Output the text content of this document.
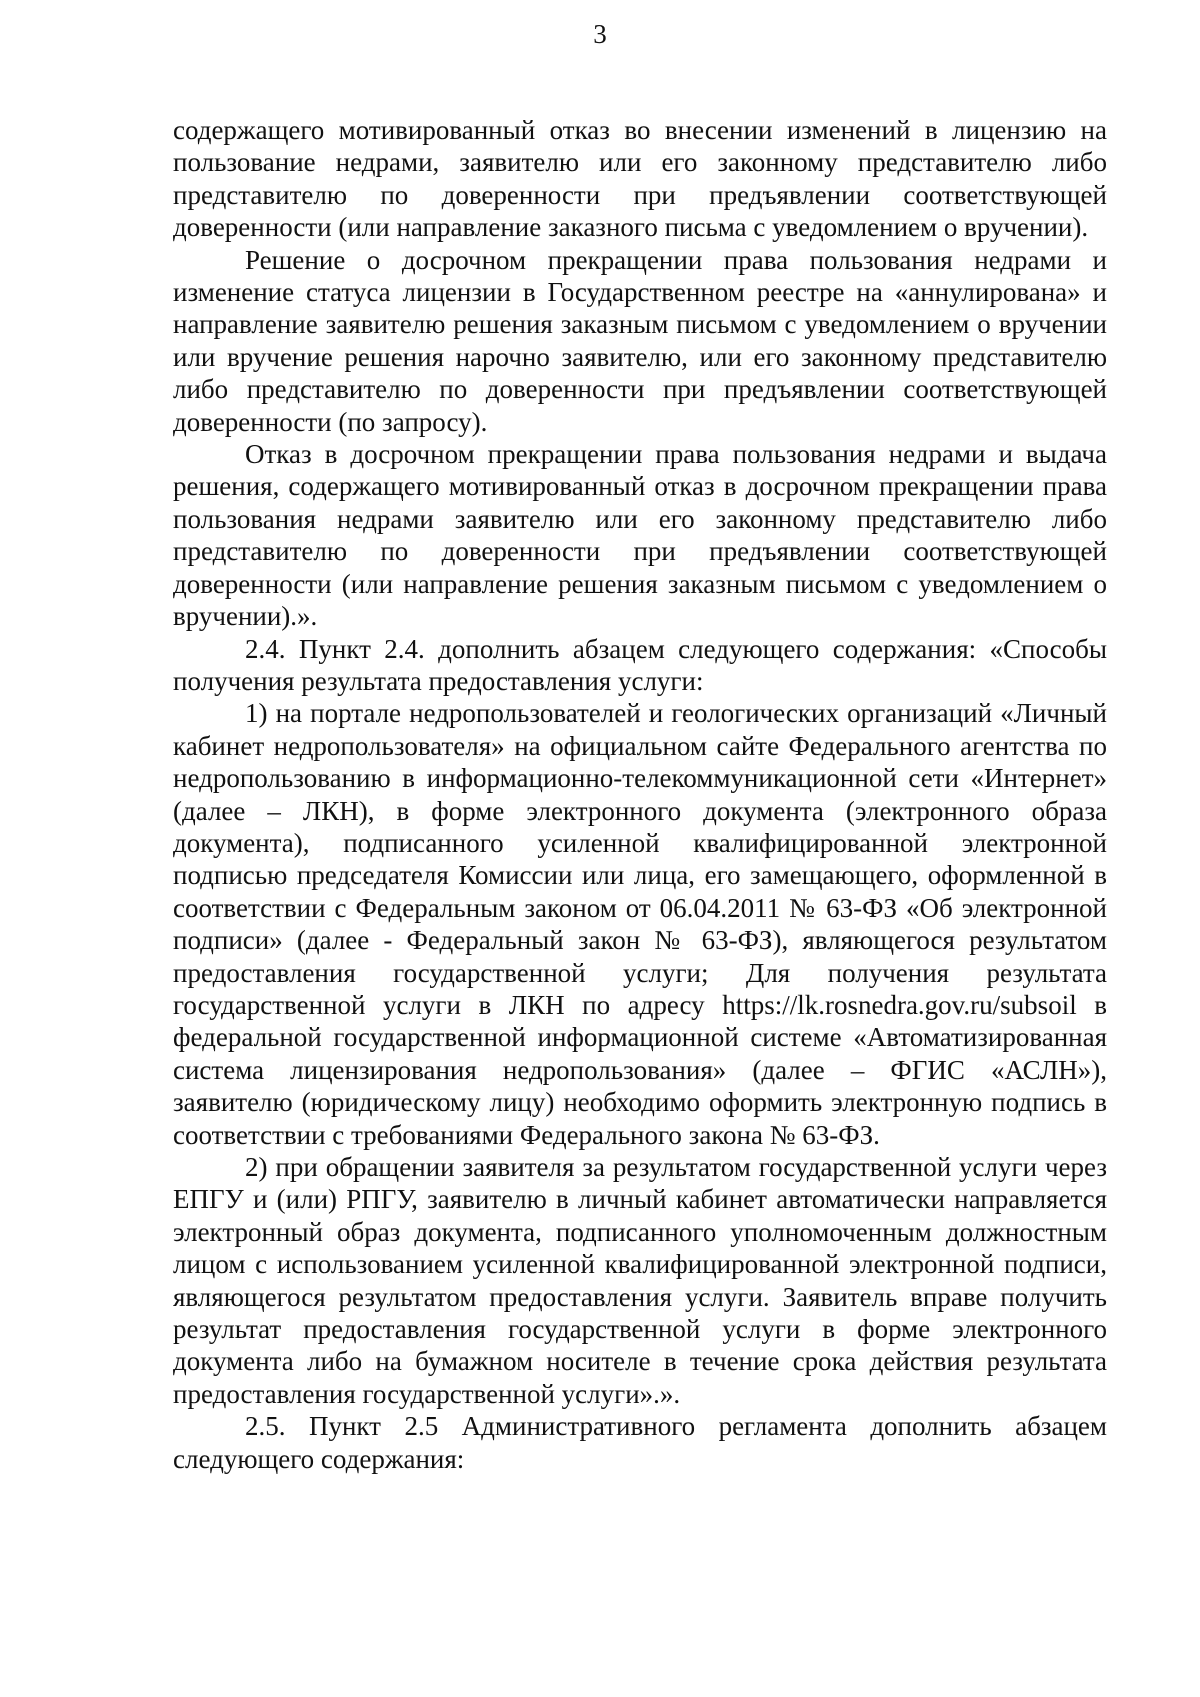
3

содержащего мотивированный отказ во внесении изменений в лицензию на пользование недрами, заявителю или его законному представителю либо представителю по доверенности при предъявлении соответствующей доверенности (или направление заказного письма с уведомлением о вручении).

Решение о досрочном прекращении права пользования недрами и изменение статуса лицензии в Государственном реестре на «аннулирована» и направление заявителю решения заказным письмом с уведомлением о вручении или вручение решения нарочно заявителю, или его законному представителю либо представителю по доверенности при предъявлении соответствующей доверенности (по запросу).

Отказ в досрочном прекращении права пользования недрами и выдача решения, содержащего мотивированный отказ в досрочном прекращении права пользования недрами заявителю или его законному представителю либо представителю по доверенности при предъявлении соответствующей доверенности (или направление решения заказным письмом с уведомлением о вручении).».

2.4. Пункт 2.4. дополнить абзацем следующего содержания: «Способы получения результата предоставления услуги:

1) на портале недропользователей и геологических организаций «Личный кабинет недропользователя» на официальном сайте Федерального агентства по недропользованию в информационно-телекоммуникационной сети «Интернет» (далее – ЛКН), в форме электронного документа (электронного образа документа), подписанного усиленной квалифицированной электронной подписью председателя Комиссии или лица, его замещающего, оформленной в соответствии с Федеральным законом от 06.04.2011 № 63-ФЗ «Об электронной подписи» (далее - Федеральный закон № 63-ФЗ), являющегося результатом предоставления государственной услуги; Для получения результата государственной услуги в ЛКН по адресу https://lk.rosnedra.gov.ru/subsoil в федеральной государственной информационной системе «Автоматизированная система лицензирования недропользования» (далее – ФГИС «АСЛН»), заявителю (юридическому лицу) необходимо оформить электронную подпись в соответствии с требованиями Федерального закона № 63-ФЗ.

2) при обращении заявителя за результатом государственной услуги через ЕПГУ и (или) РПГУ, заявителю в личный кабинет автоматически направляется электронный образ документа, подписанного уполномоченным должностным лицом с использованием усиленной квалифицированной электронной подписи, являющегося результатом предоставления услуги. Заявитель вправе получить результат предоставления государственной услуги в форме электронного документа либо на бумажном носителе в течение срока действия результата предоставления государственной услуги».».

2.5. Пункт 2.5 Административного регламента дополнить абзацем следующего содержания:
